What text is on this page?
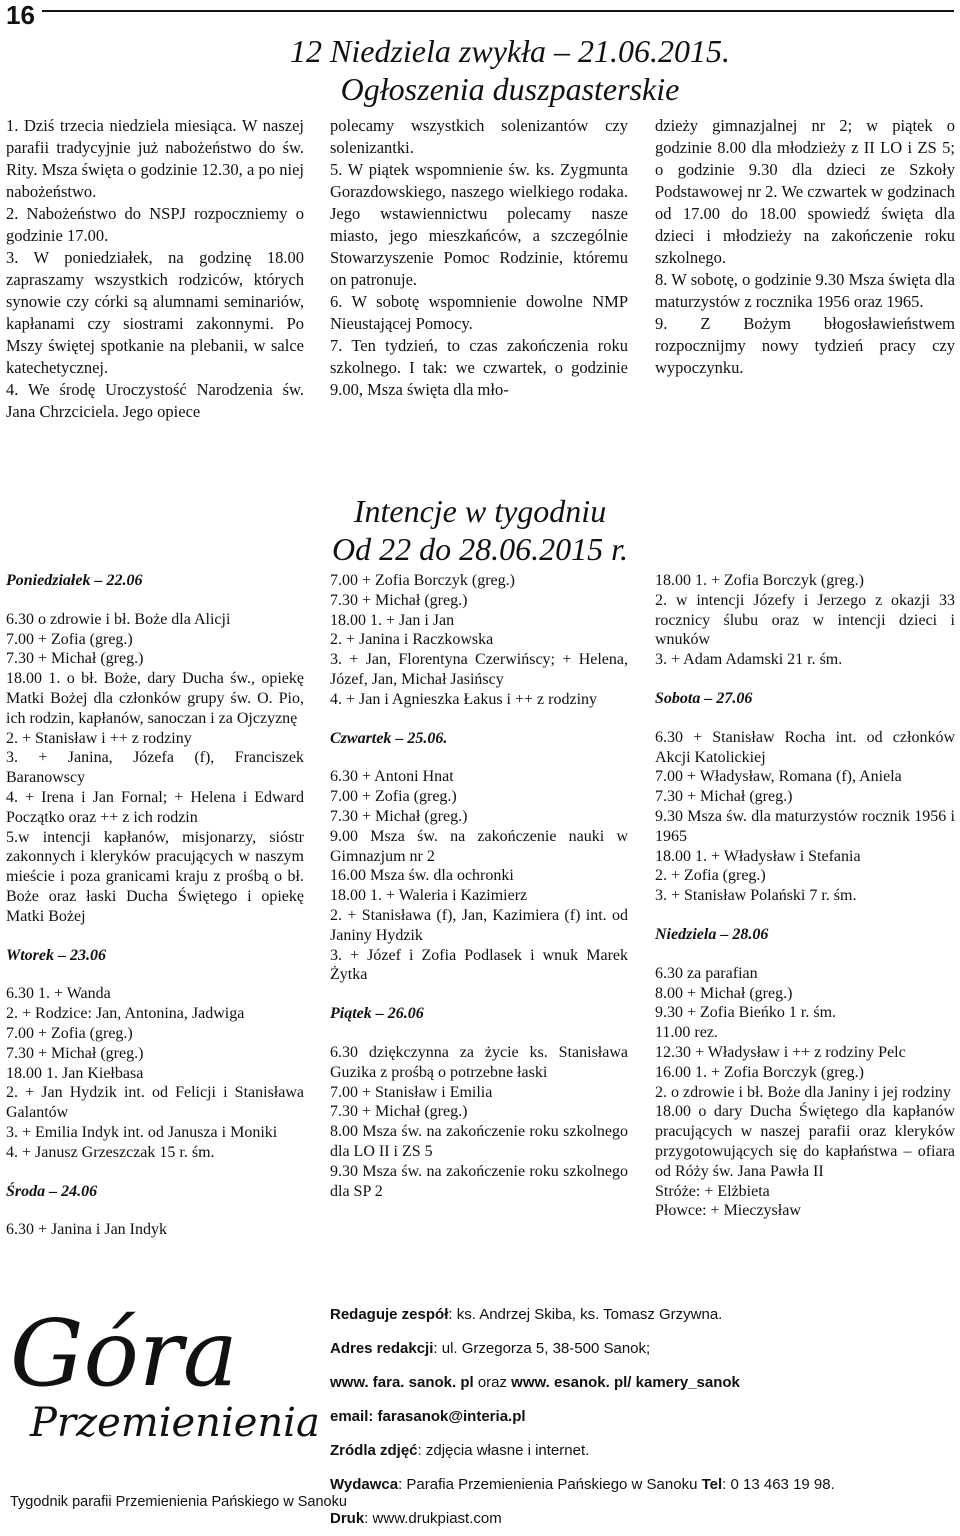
16
12 Niedziela zwykła – 21.06.2015.
Ogłoszenia duszpasterskie

1. Dziś trzecia niedziela miesiąca. W naszej parafii tradycyjnie już nabożeństwo do św. Rity. Msza święta o godzinie 12.30, a po niej nabożeństwo.

2. Nabożeństwo do NSPJ rozpoczniemy o godzinie 17.00.

3. W poniedziałek, na godzinę 18.00 zapraszamy wszystkich rodziców, których synowie czy córki są alumnami seminariów, kapłanami czy siostrami zakonnymi. Po Mszy świętej spotkanie na plebanii, w salce katechetycznej.

4. We środę Uroczystość Narodzenia św. Jana Chrzciciela. Jego opiece

polecamy wszystkich solenizantów czy solenizantki.

5. W piątek wspomnienie św. ks. Zygmunta Gorazdowskiego, naszego wielkiego rodaka. Jego wstawiennictwu polecamy nasze miasto, jego mieszkańców, a szczególnie Stowarzyszenie Pomoc Rodzinie, któremu on patronuje.

6. W sobotę wspomnienie dowolne NMP Nieustającej Pomocy.

7. Ten tydzień, to czas zakończenia roku szkolnego. I tak: we czwartek, o godzinie 9.00, Msza święta dla mło-

dzieży gimnazjalnej nr 2; w piątek o godzinie 8.00 dla młodzieży z II LO i ZS 5; o godzinie 9.30 dla dzieci ze Szkoły Podstawowej nr 2. We czwartek w godzinach od 17.00 do 18.00 spowiedź święta dla dzieci i młodzieży na zakończenie roku szkolnego.

8. W sobotę, o godzinie 9.30 Msza święta dla maturzystów z rocznika 1956 oraz 1965.

9. Z Bożym błogosławieństwem rozpocznijmy nowy tydzień pracy czy wypoczynku.

Intencje w tygodniu
Od 22 do 28.06.2015 r.

Poniedziałek – 22.06

6.30 o zdrowie i bł. Boże dla Alicji

7.00 + Zofia (greg.)

7.30 + Michał (greg.)

18.00 1. o bł. Boże, dary Ducha św., opiekę Matki Bożej dla członków grupy św. O. Pio, ich rodzin, kapłanów, sanoczan i za Ojczyznę

2. + Stanisław i ++ z rodziny

3. + Janina, Józefa (f), Franciszek Baranowscy

4. + Irena i Jan Fornal; + Helena i Edward Początko oraz ++ z ich rodzin

5.w intencji kapłanów, misjonarzy, sióstr zakonnych i kleryków pracujących w naszym mieście i poza granicami kraju z prośbą o bł. Boże oraz łaski Ducha Świętego i opiekę Matki Bożej

Wtorek – 23.06

6.30 1. + Wanda

2. + Rodzice: Jan, Antonina, Jadwiga

7.00 + Zofia (greg.)

7.30 + Michał (greg.)

18.00 1. Jan Kiełbasa

2. + Jan Hydzik int. od Felicji i Stanisława Galantów

3. + Emilia Indyk int. od Janusza i Moniki

4. + Janusz Grzeszczak 15 r. śm.

Środa – 24.06

6.30 + Janina i Jan Indyk

7.00 + Zofia Borczyk (greg.)

7.30 + Michał (greg.)

18.00 1. + Jan i Jan

2. + Janina i Raczkowska

3. + Jan, Florentyna Czerwińscy; + Helena, Józef, Jan, Michał Jasińscy

4. + Jan i Agnieszka Łakus i ++ z rodziny

Czwartek – 25.06.

6.30 + Antoni Hnat

7.00 + Zofia (greg.)

7.30 + Michał (greg.)

9.00 Msza św. na zakończenie nauki w Gimnazjum nr 2

16.00 Msza św. dla ochronki

18.00 1. + Waleria i Kazimierz

2. + Stanisława (f), Jan, Kazimiera (f) int. od Janiny Hydzik

3. + Józef i Zofia Podlasek i wnuk Marek Żytka

Piątek – 26.06

6.30 dziękczynna za życie ks. Stanisława Guzika z prośbą o potrzebne łaski

7.00 + Stanisław i Emilia

7.30 + Michał (greg.)

8.00 Msza św. na zakończenie roku szkolnego dla LO II i ZS 5

9.30 Msza św. na zakończenie roku szkolnego dla SP 2

18.00 1. + Zofia Borczyk (greg.)

2. w intencji Józefy i Jerzego z okazji 33 rocznicy ślubu oraz w intencji dzieci i wnuków

3. + Adam Adamski 21 r. śm.

Sobota – 27.06

6.30 + Stanisław Rocha int. od członków Akcji Katolickiej

7.00 + Władysław, Romana (f), Aniela

7.30 + Michał (greg.)

9.30 Msza św. dla maturzystów rocznik 1956 i 1965

18.00 1. + Władysław i Stefania

2. + Zofia (greg.)

3. + Stanisław Polański 7 r. śm.

Niedziela – 28.06

6.30 za parafian

8.00 + Michał (greg.)

9.30 + Zofia Bieńko 1 r. śm.

11.00 rez.

12.30 + Władysław i ++ z rodziny Pelc

16.00 1. + Zofia Borczyk (greg.)

2. o zdrowie i bł. Boże dla Janiny i jej rodziny

18.00 o dary Ducha Świętego dla kapłanów pracujących w naszej parafii oraz kleryków przygotowujących się do kapłaństwa – ofiara od Róży św. Jana Pawła II

Stróże: + Elżbieta

Płowce: + Mieczysław

Góra
Przemienienia
Tygodnik parafii Przemienienia Pańskiego w Sanoku
Redaguje zespół: ks. Andrzej Skiba, ks. Tomasz Grzywna.
Adres redakcji: ul. Grzegorza 5, 38-500 Sanok;
www. fara. sanok. pl oraz www. esanok. pl/ kamery_sanok
email: farasanok@interia.pl
Zródla zdjęć: zdjęcia własne i internet.
Wydawca: Parafia Przemienienia Pańskiego w Sanoku Tel: 0 13 463 19 98.
Druk: www.drukpiast.com
